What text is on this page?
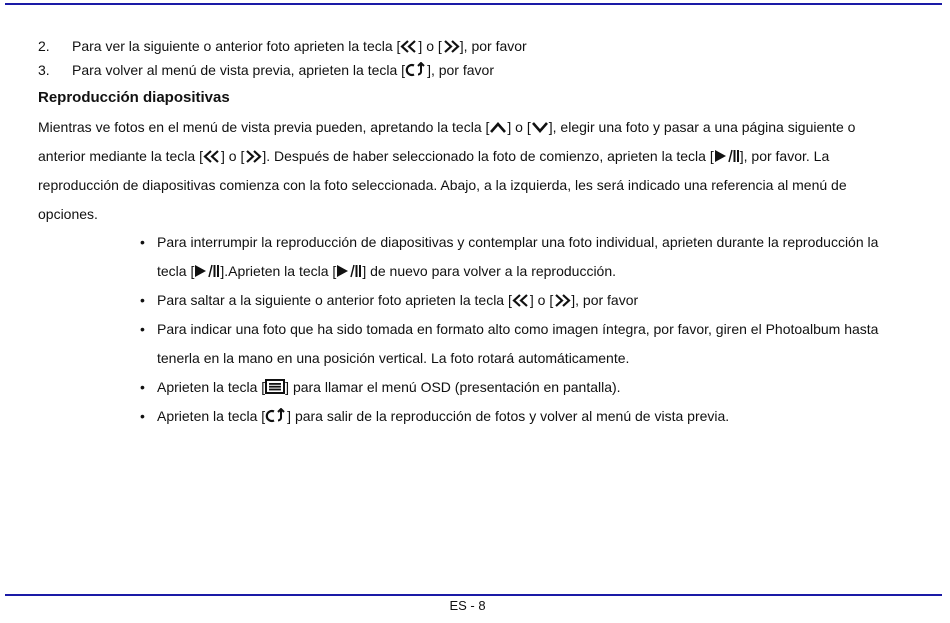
2. Para ver la siguiente o anterior foto aprieten la tecla [ ] o [ ], por favor
3. Para volver al menú de vista previa, aprieten la tecla [ ], por favor
Reproducción diapositivas
Mientras ve fotos en el menú de vista previa pueden, apretando la tecla [ ] o [ ], elegir una foto y pasar a una página siguiente o
anterior mediante la tecla [ ] o [ ]. Después de haber seleccionado la foto de comienzo, aprieten la tecla [ ], por favor. La
reproducción de diapositivas comienza con la foto seleccionada. Abajo, a la izquierda, les será indicado una referencia al menú de
opciones.
• Para interrumpir la reproducción de diapositivas y contemplar una foto individual, aprieten durante la reproducción la
tecla [ ].Aprieten la tecla [ ] de nuevo para volver a la reproducción.
• Para saltar a la siguiente o anterior foto aprieten la tecla [ ] o [ ], por favor
• Para indicar una foto que ha sido tomada en formato alto como imagen íntegra, por favor, giren el Photoalbum hasta
tenerla en la mano en una posición vertical. La foto rotará automáticamente.
• Aprieten la tecla [ ] para llamar el menú OSD (presentación en pantalla).
• Aprieten la tecla [ ] para salir de la reproducción de fotos y volver al menú de vista previa.
ES - 8
